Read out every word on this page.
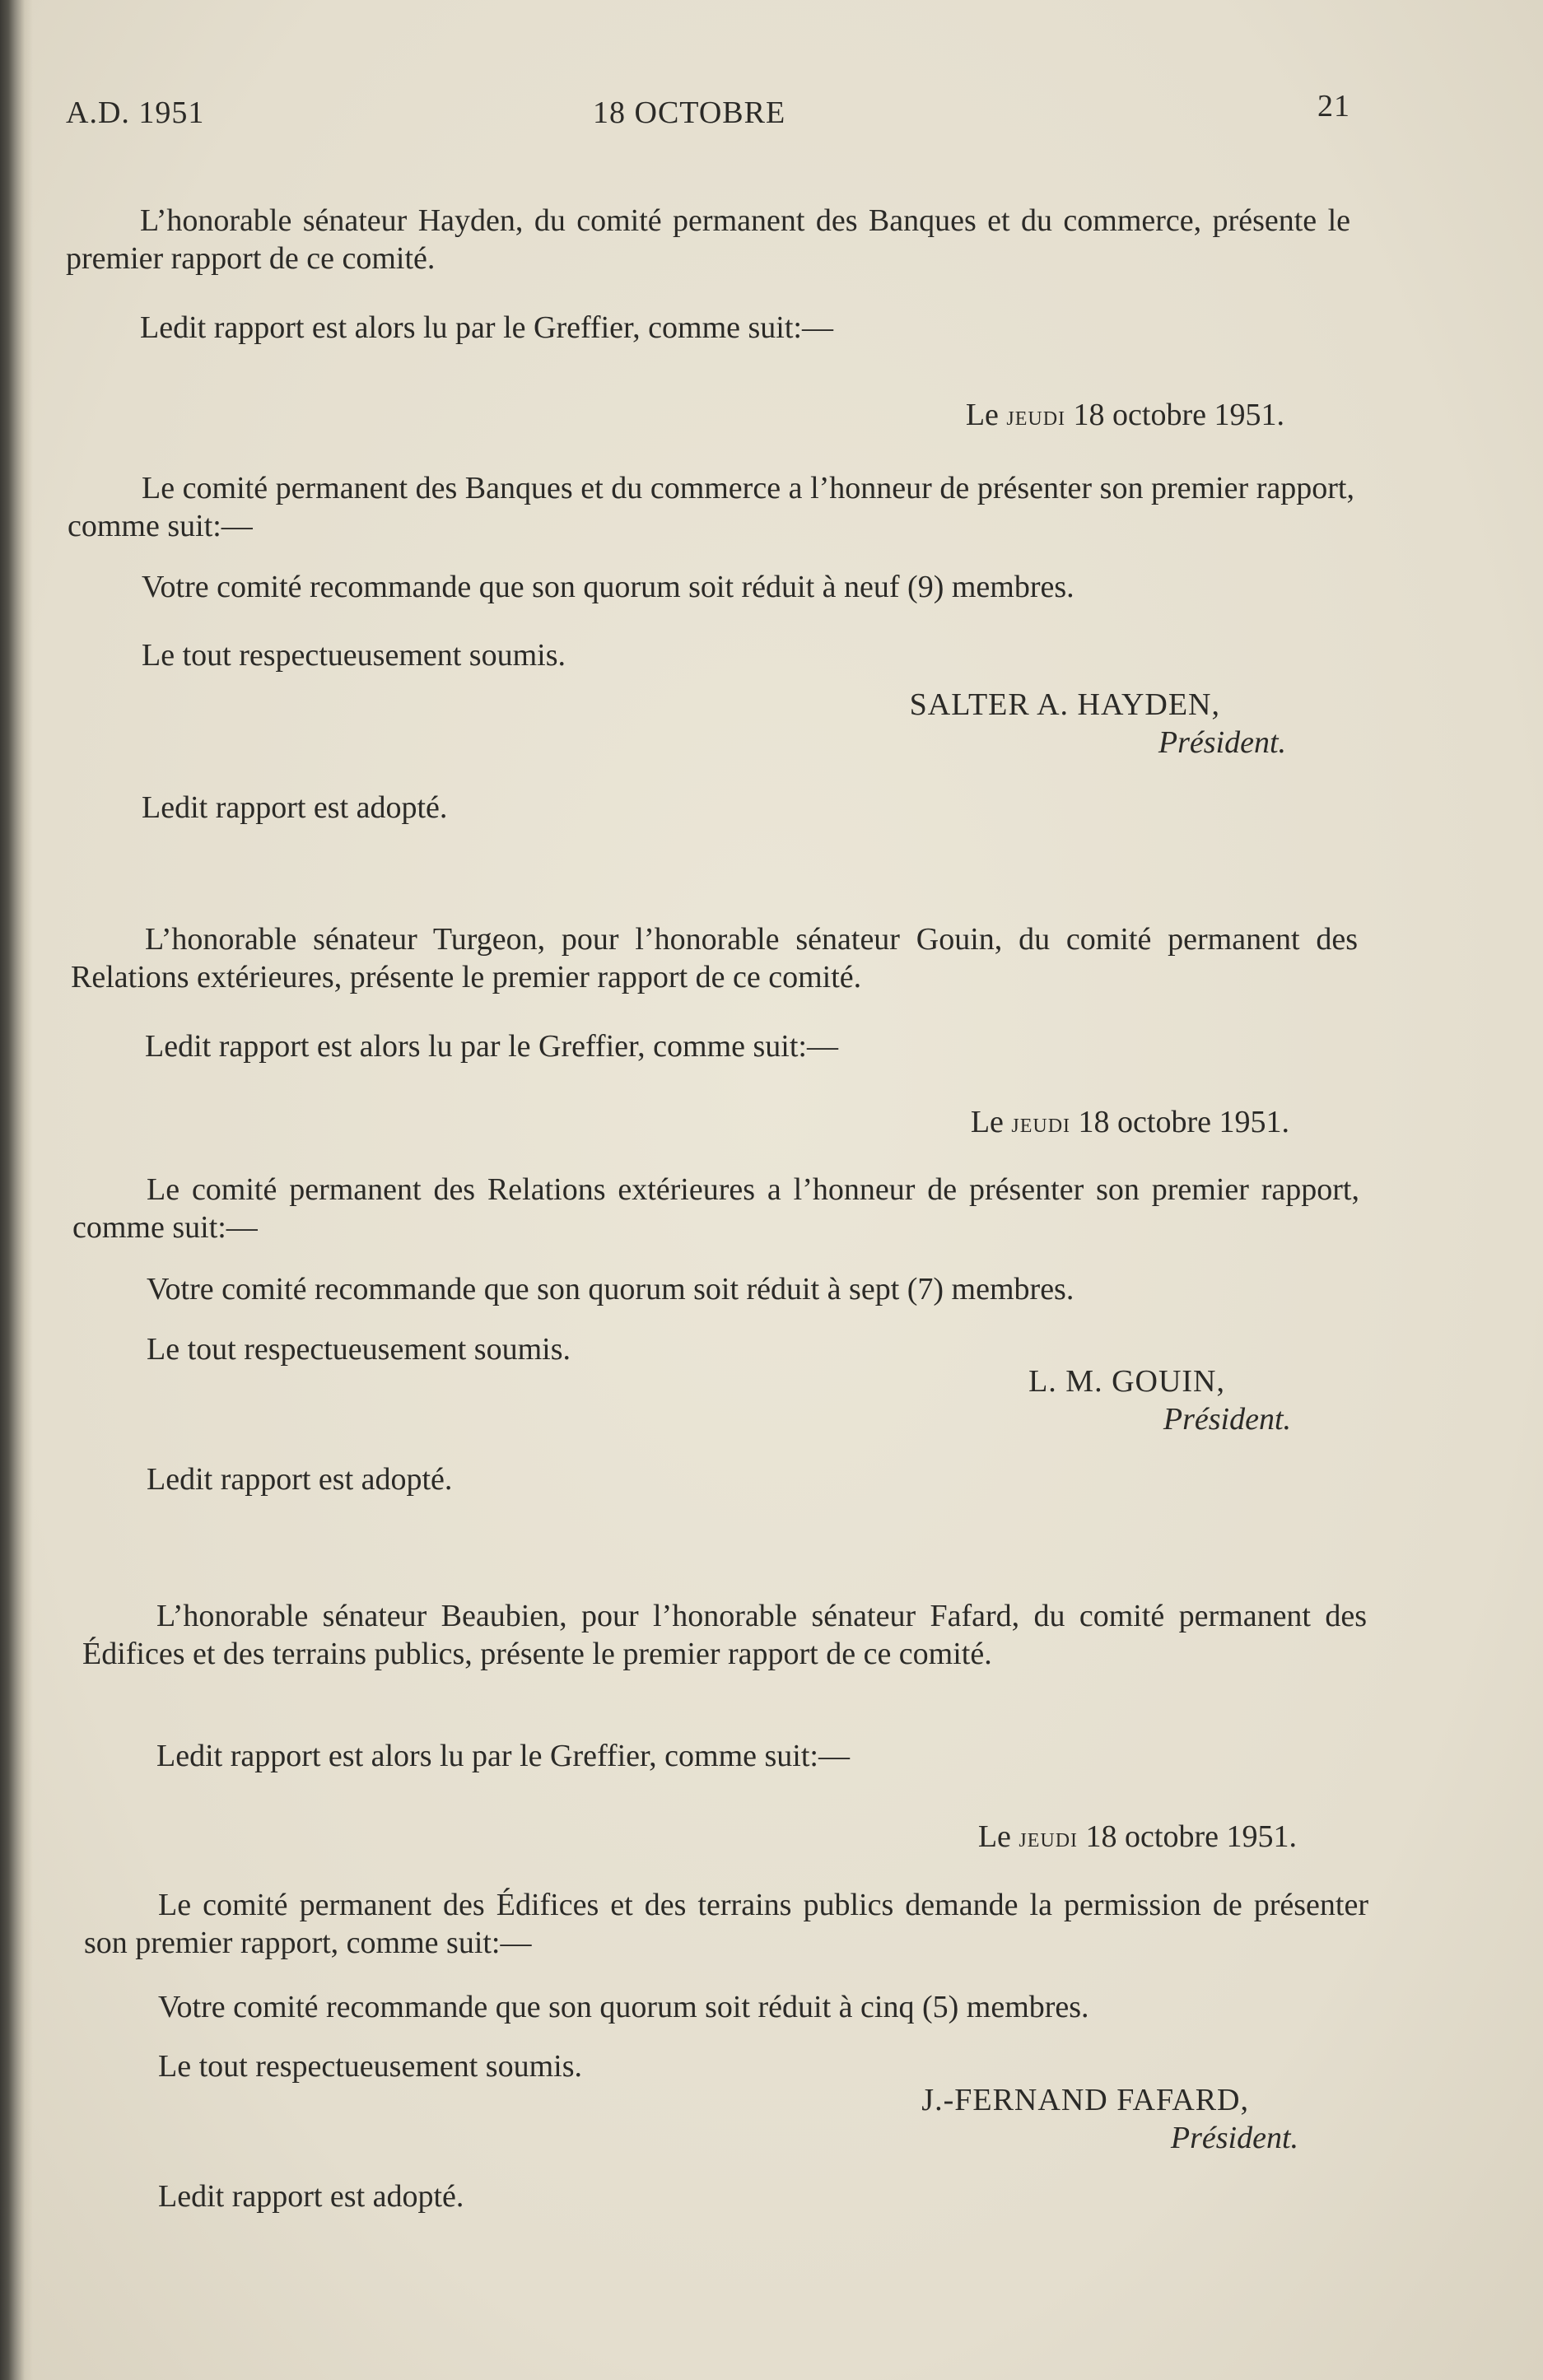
A.D. 1951	18 OCTOBRE	21

L’honorable sénateur Hayden, du comité permanent des Banques et du commerce, présente le premier rapport de ce comité.

Ledit rapport est alors lu par le Greffier, comme suit:—

Le jeudi 18 octobre 1951.

Le comité permanent des Banques et du commerce a l’honneur de présenter son premier rapport, comme suit:—

Votre comité recommande que son quorum soit réduit à neuf (9) membres.

Le tout respectueusement soumis.

SALTER A. HAYDEN,
Président.

Ledit rapport est adopté.

L’honorable sénateur Turgeon, pour l’honorable sénateur Gouin, du comité permanent des Relations extérieures, présente le premier rapport de ce comité.

Ledit rapport est alors lu par le Greffier, comme suit:—

Le jeudi 18 octobre 1951.

Le comité permanent des Relations extérieures a l’honneur de présenter son premier rapport, comme suit:—

Votre comité recommande que son quorum soit réduit à sept (7) membres.

Le tout respectueusement soumis.

L. M. GOUIN,
Président.

Ledit rapport est adopté.

L’honorable sénateur Beaubien, pour l’honorable sénateur Fafard, du comité permanent des Édifices et des terrains publics, présente le premier rapport de ce comité.

Ledit rapport est alors lu par le Greffier, comme suit:—

Le jeudi 18 octobre 1951.

Le comité permanent des Édifices et des terrains publics demande la permission de présenter son premier rapport, comme suit:—

Votre comité recommande que son quorum soit réduit à cinq (5) membres.

Le tout respectueusement soumis.

J.-FERNAND FAFARD,
Président.

Ledit rapport est adopté.
